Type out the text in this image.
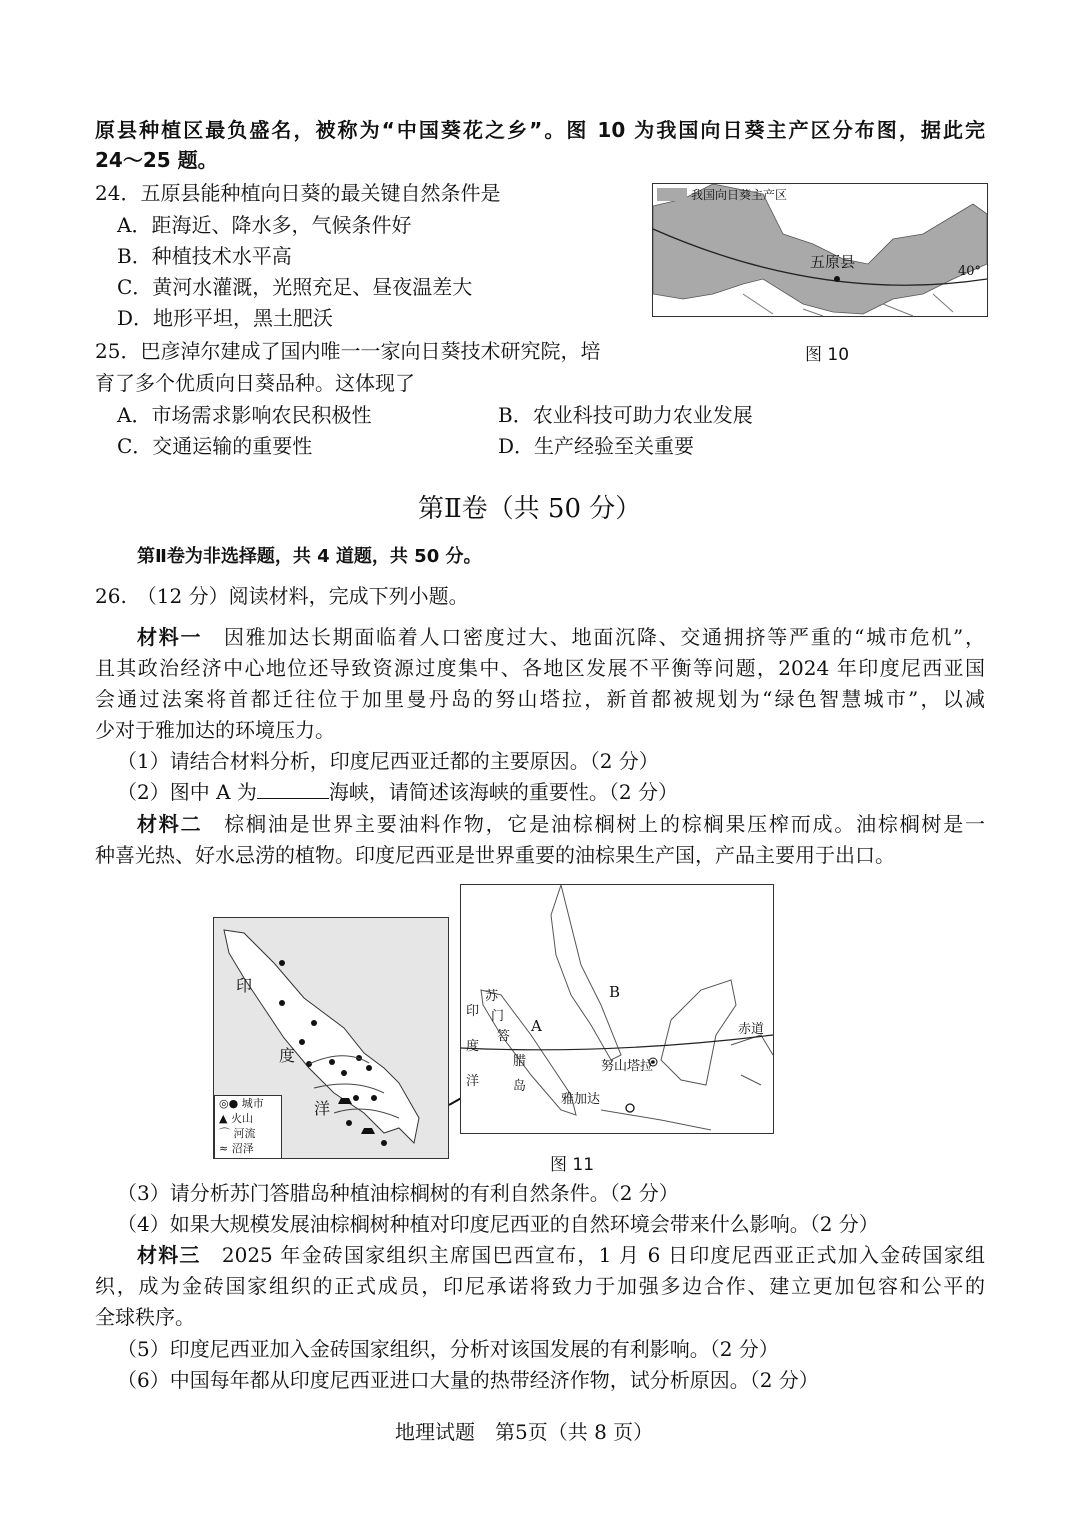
原县种植区最负盛名，被称为“中国葵花之乡”。图 10 为我国向日葵主产区分布图，据此完
24～25 题。
24．五原县能种植向日葵的最关键自然条件是
A．距海近、降水多，气候条件好
B．种植技术水平高
C．黄河水灌溉，光照充足、昼夜温差大
D．地形平坦，黑土肥沃
我国向日葵主产区
五原县
40°
图 10
25．巴彦淖尔建成了国内唯一一家向日葵技术研究院，培
育了多个优质向日葵品种。这体现了
A．市场需求影响农民积极性	B．农业科技可助力农业发展
C．交通运输的重要性	D．生产经验至关重要
第Ⅱ卷（共 50 分）
第Ⅱ卷为非选择题，共 4 道题，共 50 分。
26.　（12 分）阅读材料，完成下列小题。
材料一　 因雅加达长期面临着人口密度过大、地面沉降、交通拥挤等严重的“城市危机”，
且其政治经济中心地位还导致资源过度集中、各地区发展不平衡等问题，2024 年印度尼西亚国
会通过法案将首都迁往位于加里曼丹岛的努山塔拉，新首都被规划为“绿色智慧城市”，以减
少对于雅加达的环境压力。
（1）请结合材料分析，印度尼西亚迁都的主要原因。（2 分）
（2）图中 A 为	海峡，请简述该海峡的重要性。（2 分）
材料二　 棕榈油是世界主要油料作物，它是油棕榈树上的棕榈果压榨而成。油棕榈树是一
种喜光热、好水忌涝的植物。印度尼西亚是世界重要的油棕果生产国，产品主要用于出口。
印
度
洋
◎● 城市
▲ 火山
⌒ 河流
≈ 沼泽
苏
门
答
腊
岛
印
度
洋
A
B
赤道
努山塔拉
雅加达
图 11
（3）请分析苏门答腊岛种植油棕榈树的有利自然条件。（2 分）
（4）如果大规模发展油棕榈树种植对印度尼西亚的自然环境会带来什么影响。（2 分）
材料三　 2025 年金砖国家组织主席国巴西宣布，1 月 6 日印度尼西亚正式加入金砖国家组
织，成为金砖国家组织的正式成员，印尼承诺将致力于加强多边合作、建立更加包容和公平的
全球秩序。
（5）印度尼西亚加入金砖国家组织，分析对该国发展的有利影响。（2 分）
（6）中国每年都从印度尼西亚进口大量的热带经济作物，试分析原因。（2 分）
地理试题　第5页（共 8 页）
